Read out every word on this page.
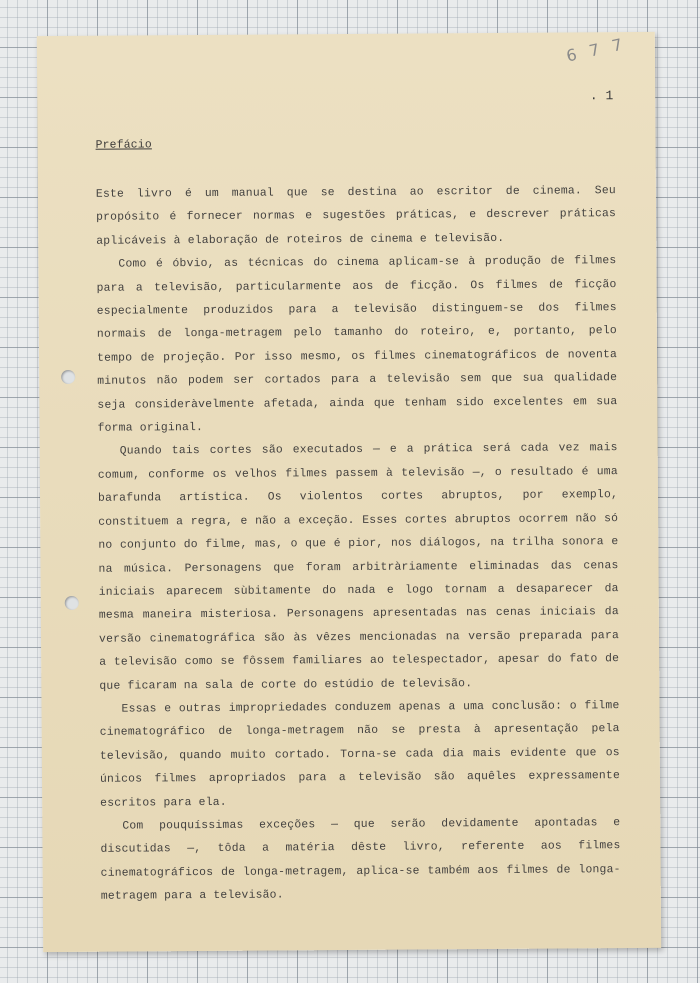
6 7 7
. 1
Prefácio

Este livro é um manual que se destina ao escritor de cinema. Seu propósito é fornecer normas e sugestões práticas, e descrever práticas aplicáveis à elaboração de roteiros de cinema e televisão.

Como é óbvio, as técnicas do cinema aplicam-se à produção de filmes para a televisão, particularmente aos de ficção. Os filmes de ficção especialmente produzidos para a televisão distinguem-se dos filmes normais de longa-metragem pelo tamanho do roteiro, e, portanto, pelo tempo de projeção. Por isso mesmo, os filmes cinematográficos de noventa minutos não podem ser cortados para a televisão sem que sua qualidade seja consideràvelmente afetada, ainda que tenham sido excelentes em sua forma original.

Quando tais cortes são executados — e a prática será cada vez mais comum, conforme os velhos filmes passem à televisão —, o resultado é uma barafunda artística. Os violentos cortes abruptos, por exemplo, constituem a regra, e não a exceção. Esses cortes abruptos ocorrem não só no conjunto do filme, mas, o que é pior, nos diálogos, na trilha sonora e na música. Personagens que foram arbitràriamente eliminadas das cenas iniciais aparecem sùbitamente do nada e logo tornam a desaparecer da mesma maneira misteriosa. Personagens apresentadas nas cenas iniciais da versão cinematográfica são às vêzes mencionadas na versão preparada para a televisão como se fôssem familiares ao telespectador, apesar do fato de que ficaram na sala de corte do estúdio de televisão.

Essas e outras impropriedades conduzem apenas a uma conclusão: o filme cinematográfico de longa-metragem não se presta à apresentação pela televisão, quando muito cortado. Torna-se cada dia mais evidente que os únicos filmes apropriados para a televisão são aquêles expressamente escritos para ela.

Com pouquíssimas exceções — que serão devidamente apontadas e discutidas —, tôda a matéria dêste livro, referente aos filmes cinematográficos de longa-metragem, aplica-se também aos filmes de longa-metragem para a televisão.
